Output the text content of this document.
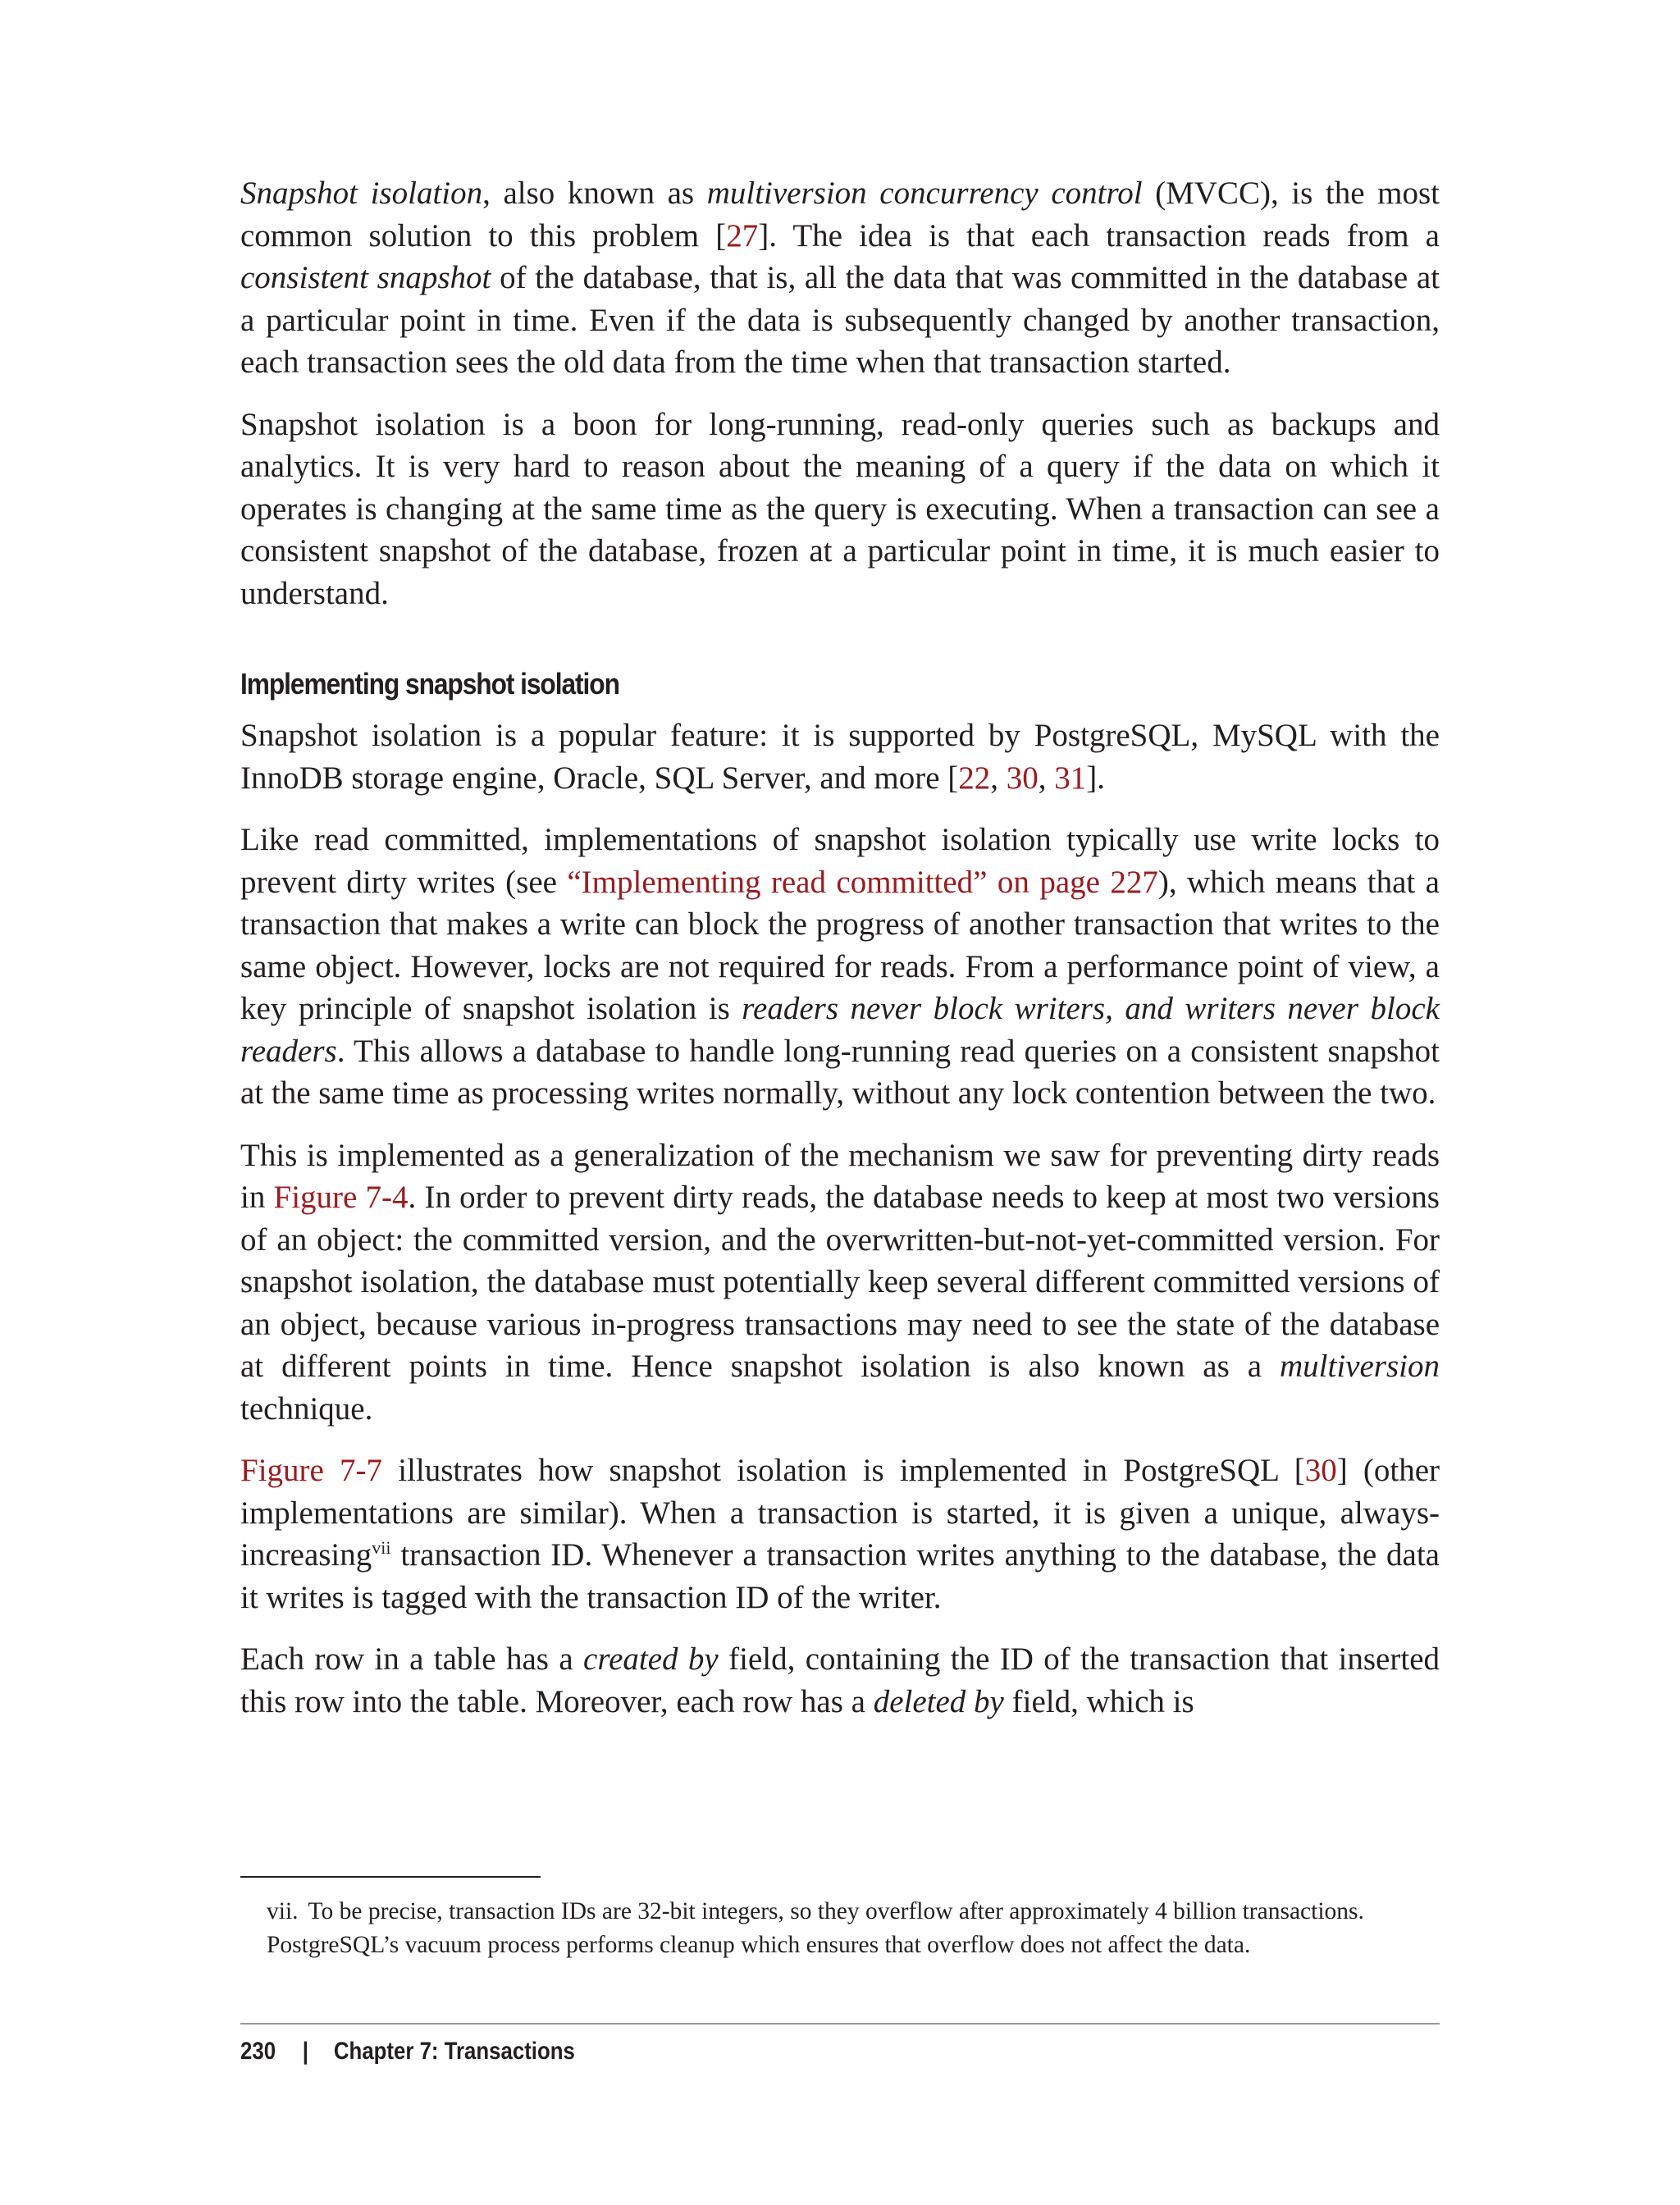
Snapshot isolation, also known as multiversion concurrency control (MVCC), is the most common solution to this problem [27]. The idea is that each transaction reads from a consistent snapshot of the database, that is, all the data that was committed in the database at a particular point in time. Even if the data is subsequently changed by another transaction, each transaction sees the old data from the time when that transaction started.

Snapshot isolation is a boon for long-running, read-only queries such as backups and analytics. It is very hard to reason about the meaning of a query if the data on which it operates is changing at the same time as the query is executing. When a transaction can see a consistent snapshot of the database, frozen at a particular point in time, it is much easier to understand.

Implementing snapshot isolation

Snapshot isolation is a popular feature: it is supported by PostgreSQL, MySQL with the InnoDB storage engine, Oracle, SQL Server, and more [22, 30, 31].

Like read committed, implementations of snapshot isolation typically use write locks to prevent dirty writes (see “Implementing read committed” on page 227), which means that a transaction that makes a write can block the progress of another transaction that writes to the same object. However, locks are not required for reads. From a performance point of view, a key principle of snapshot isolation is readers never block writers, and writers never block readers. This allows a database to handle long-running read queries on a consistent snapshot at the same time as processing writes normally, without any lock contention between the two.

This is implemented as a generalization of the mechanism we saw for preventing dirty reads in Figure 7-4. In order to prevent dirty reads, the database needs to keep at most two versions of an object: the committed version, and the overwritten-but-not-yet-committed version. For snapshot isolation, the database must potentially keep several different committed versions of an object, because various in-progress transactions may need to see the state of the database at different points in time. Hence snapshot isolation is also known as a multiversion technique.

Figure 7-7 illustrates how snapshot isolation is implemented in PostgreSQL [30] (other implementations are similar). When a transaction is started, it is given a unique, always-increasing$^{vii}$ transaction ID. Whenever a transaction writes anything to the database, the data it writes is tagged with the transaction ID of the writer.

Each row in a table has a created by field, containing the ID of the transaction that inserted this row into the table. Moreover, each row has a deleted by field, which is

vii. To be precise, transaction IDs are 32-bit integers, so they overflow after approximately 4 billion transactions. PostgreSQL’s vacuum process performs cleanup which ensures that overflow does not affect the data.
230 | Chapter 7: Transactions
